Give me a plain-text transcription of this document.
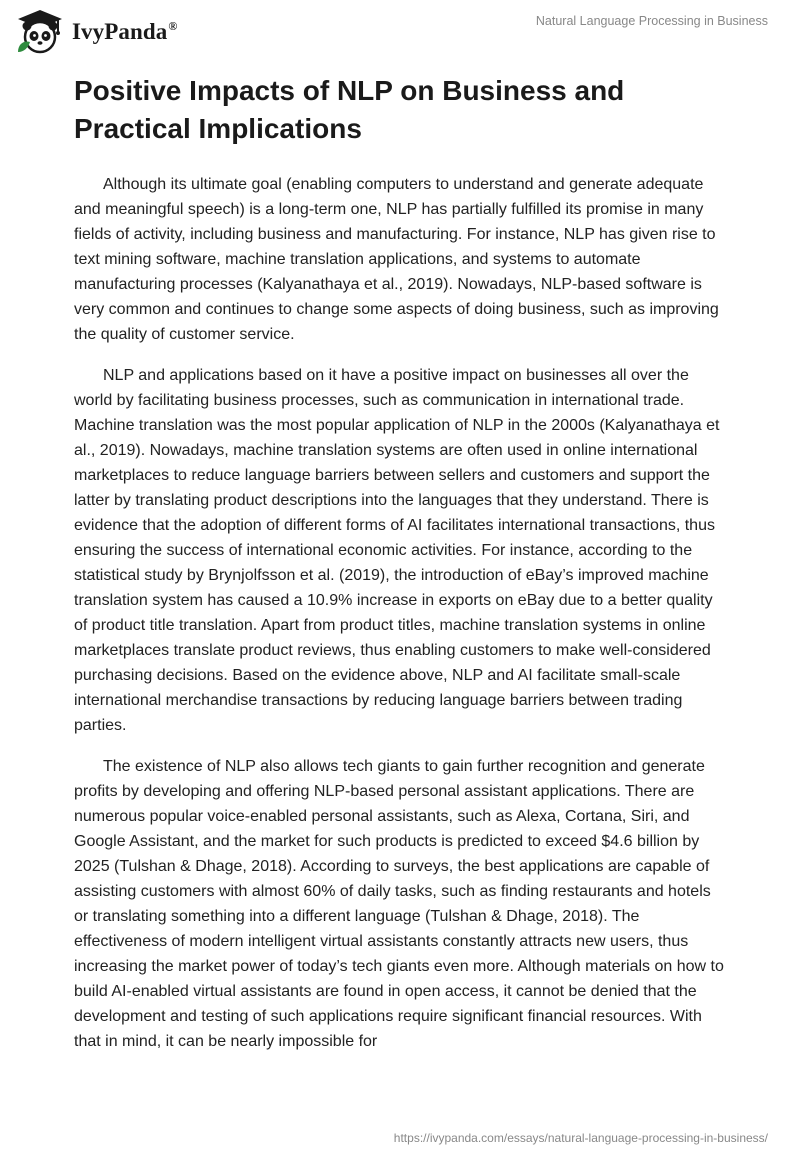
IvyPanda®	Natural Language Processing in Business
Positive Impacts of NLP on Business and Practical Implications

Although its ultimate goal (enabling computers to understand and generate adequate and meaningful speech) is a long-term one, NLP has partially fulfilled its promise in many fields of activity, including business and manufacturing. For instance, NLP has given rise to text mining software, machine translation applications, and systems to automate manufacturing processes (Kalyanathaya et al., 2019). Nowadays, NLP-based software is very common and continues to change some aspects of doing business, such as improving the quality of customer service.

NLP and applications based on it have a positive impact on businesses all over the world by facilitating business processes, such as communication in international trade. Machine translation was the most popular application of NLP in the 2000s (Kalyanathaya et al., 2019). Nowadays, machine translation systems are often used in online international marketplaces to reduce language barriers between sellers and customers and support the latter by translating product descriptions into the languages that they understand. There is evidence that the adoption of different forms of AI facilitates international transactions, thus ensuring the success of international economic activities. For instance, according to the statistical study by Brynjolfsson et al. (2019), the introduction of eBay’s improved machine translation system has caused a 10.9% increase in exports on eBay due to a better quality of product title translation. Apart from product titles, machine translation systems in online marketplaces translate product reviews, thus enabling customers to make well-considered purchasing decisions. Based on the evidence above, NLP and AI facilitate small-scale international merchandise transactions by reducing language barriers between trading parties.

The existence of NLP also allows tech giants to gain further recognition and generate profits by developing and offering NLP-based personal assistant applications. There are numerous popular voice-enabled personal assistants, such as Alexa, Cortana, Siri, and Google Assistant, and the market for such products is predicted to exceed $4.6 billion by 2025 (Tulshan & Dhage, 2018). According to surveys, the best applications are capable of assisting customers with almost 60% of daily tasks, such as finding restaurants and hotels or translating something into a different language (Tulshan & Dhage, 2018). The effectiveness of modern intelligent virtual assistants constantly attracts new users, thus increasing the market power of today’s tech giants even more. Although materials on how to build AI-enabled virtual assistants are found in open access, it cannot be denied that the development and testing of such applications require significant financial resources. With that in mind, it can be nearly impossible for

https://ivypanda.com/essays/natural-language-processing-in-business/
